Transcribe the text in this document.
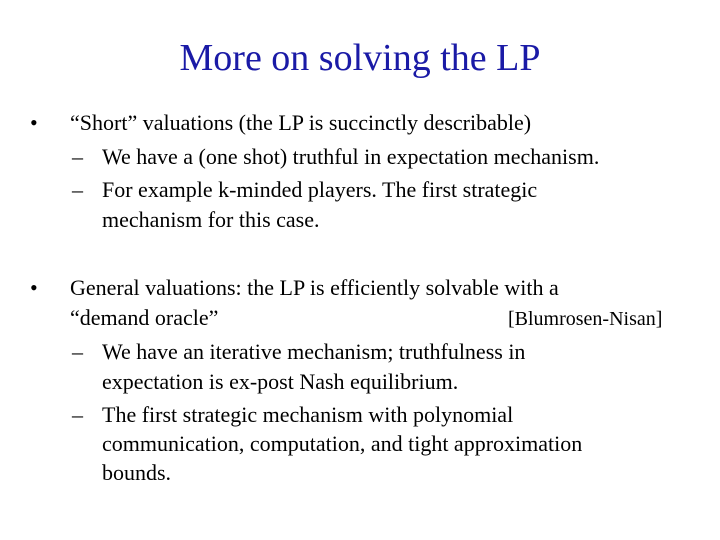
More on solving the LP
• “Short” valuations (the LP is succinctly describable)
– We have a (one shot) truthful in expectation mechanism.
– For example k-minded players. The first strategic
mechanism for this case.
• General valuations: the LP is efficiently solvable with a
“demand oracle”	[Blumrosen-Nisan]
– We have an iterative mechanism; truthfulness in
expectation is ex-post Nash equilibrium.
– The first strategic mechanism with polynomial
communication, computation, and tight approximation
bounds.
